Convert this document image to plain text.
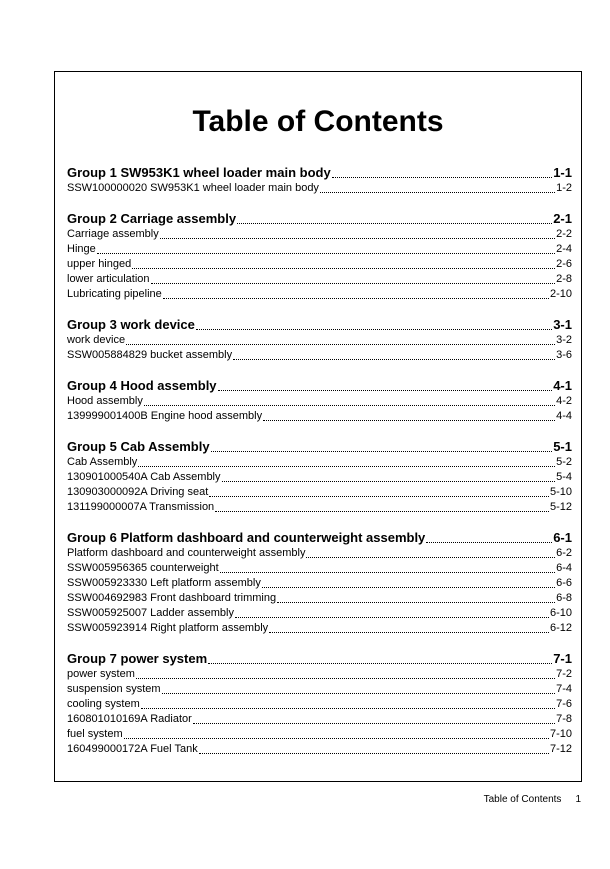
Table of Contents
Group 1 SW953K1 wheel loader main body	1-1
SSW100000020 SW953K1 wheel loader main body	1-2
Group 2 Carriage assembly	2-1
Carriage assembly	2-2
Hinge	2-4
upper hinged	2-6
lower articulation	2-8
Lubricating pipeline	2-10
Group 3 work device	3-1
work device	3-2
SSW005884829 bucket assembly	3-6
Group 4 Hood assembly	4-1
Hood assembly	4-2
139999001400B Engine hood assembly	4-4
Group 5 Cab Assembly	5-1
Cab Assembly	5-2
130901000540A Cab Assembly	5-4
130903000092A Driving seat	5-10
131199000007A Transmission	5-12
Group 6 Platform dashboard and counterweight assembly	6-1
Platform dashboard and counterweight assembly	6-2
SSW005956365 counterweight	6-4
SSW005923330 Left platform assembly	6-6
SSW004692983 Front dashboard trimming	6-8
SSW005925007 Ladder assembly	6-10
SSW005923914 Right platform assembly	6-12
Group 7 power system	7-1
power system	7-2
suspension system	7-4
cooling system	7-6
160801010169A Radiator	7-8
fuel system	7-10
160499000172A Fuel Tank	7-12
Table of Contents 1
